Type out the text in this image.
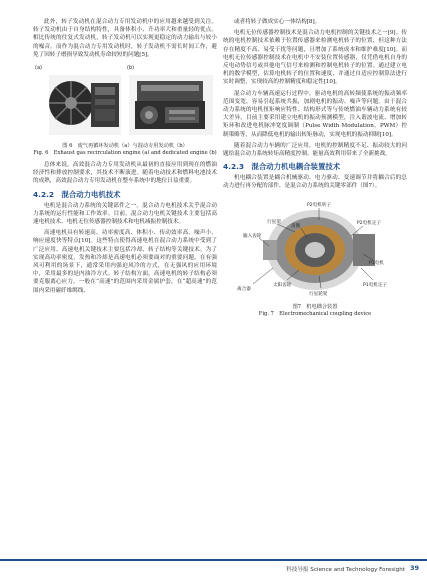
此外，转子发动机在混合动力专用发动机中的应用越来越受到关注。转子发动机由于自身结构特性，具备体积小、升功率大和重量轻的优点。相比传统的往复式发动机，转子发动机可以实现更稳定的动力输出与较小的噪音。而作为混合动力专用发动机时，转子发动机不需长时间工作，避免了因转子磨损导致发动机寿命较短的问题[5]。

(a)	(b)
图 6　废气再循环发动机（a）与混动专用发动机（b）
Fig. 6　Exhaust gas recirculation engine (a) and dedicated engine (b)

总体来说，高效混合动力专用发动机从最初的直接应用到现在的燃油经济性和排放控制要求，其技术不断演进。随着电动技术和燃料电池技术的成熟，高效混合动力专用发动机在整车系统中的地位日益重要。

4.2.2　混合动力电机技术

电机是混合动力系统的关键部件之一。混合动力电机技术关乎混合动力系统的运行性能和工作效率。目前，混合动力电机关键技术主要包括高速电机技术、电机无位传感器控制技术和电机减振控制技术。

高速电机具有转速高、功率密度高、体积小、传动效率高、噪声小、响应速度快等特点[10]。这些特点使得高速电机在混合动力系统中受到了广泛应用。高速电机关键技术主要包括冷却、转子结构等关键技术。为了实现高功率密度，发热和冷却是高速电机必须要面对的重要问题。在有强风可利用的场景下，通常采用内强迫风冷的方式，在无强风的应用环境中，采用最多的是内油冷方式。转子结构方面，高速电机的转子结构必须要克服离心应力，一般在“高速”的范围内采用金属护套，在“超高速”的范围内采用碳纤维绑线、

或者将转子做成实心一体结构[8]。

电机无位传感器控制技术是混合动力电机控制的关键技术之一[9]。传统的电机控制技术依赖于位置传感器来检测电机转子的位置，但这种方法存在精度不高、易受干扰等问题，且增加了系统成本和维护难度[10]。而电机无位传感器控制技术在电机中不安装位置传感器，仅凭借电机自身的反电动势信号或其他电气信号来检测和控制电机转子的位置。通过建立电机的数学模型，估算电机转子的位置和速度，并通过自适应控制算法进行实时调整，实现较高的控制精度和稳定性[10]。

混合动力车辆高速运行过程中，驱动电机的高转频使系统的振动频率范围变宽，容易引起系统共振，加剧电机的振动、噪声等问题。由于混合动力系统的电机扭矩响应特性、结构形式等与传统燃油车辆动力系统有较大差异，目前主要采用建立电机的振动预测模型，注入谐波电流、增加转矩环和改进电机脉冲宽度调制（Pulse Width Modulation，PWM）控制策略等，从而降低电机的输出转矩脉动，实现电机的振动抑制[10]。

随着混合动力车辆的广泛应用，电机的控制精度不足、振动较大的问题给混合动力系统转矩高精度控制、能量高效利用带来了全新挑战。

4.2.3　混合动力机电耦合装置技术

机电耦合装置是耦合机械驱动、电力驱动、变速调节并将耦合后的总动力进行再分配的部件，是混合动力系统的关键零部件（图7）。

P2电机转子
行星架
输入齿轮
齿圈
P2电机定子
太阳齿轮
行星轮架
P1电机
P1电机定子
离合器
图7　机电耦合装置
Fig. 7　Electromechanical coupling device
科技导报 Science and Technology Foresight 39
